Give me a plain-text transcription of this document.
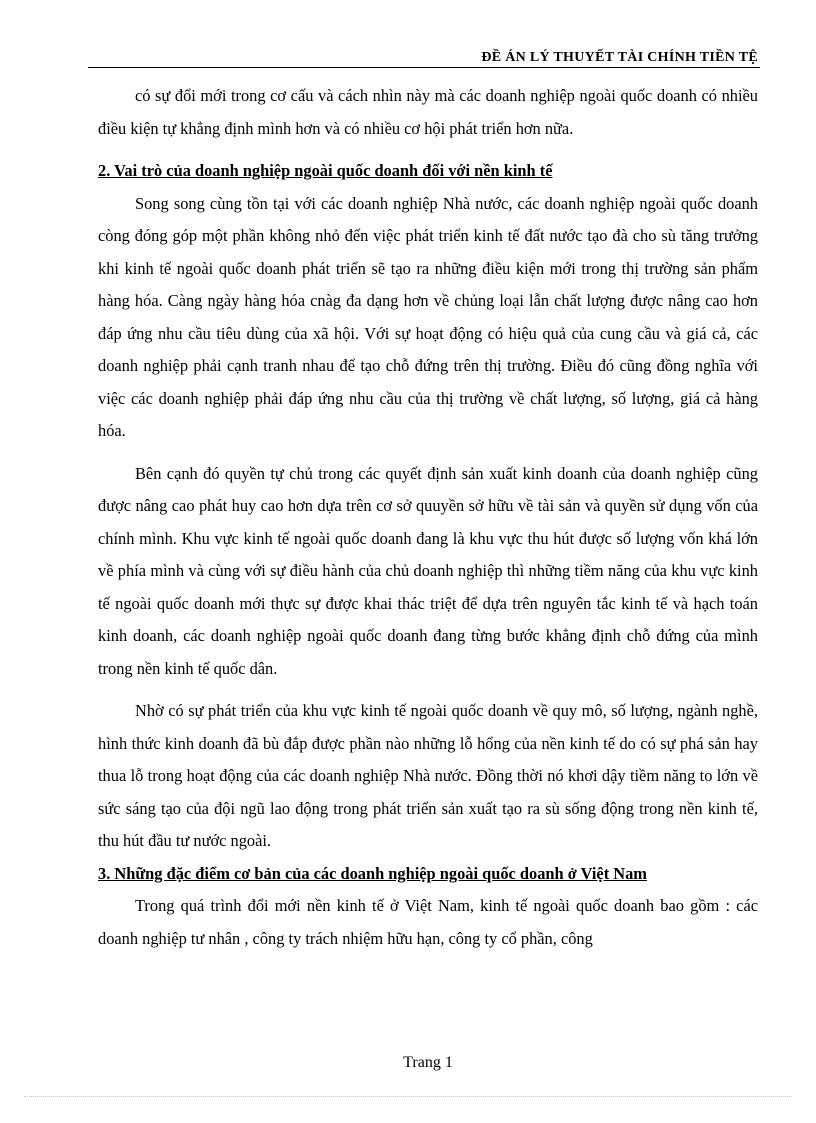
ĐỀ ÁN LÝ THUYẾT TÀI CHÍNH TIỀN TỆ

có sự đổi mới trong cơ cấu và cách nhìn này mà các doanh nghiệp ngoài quốc doanh có nhiều điều kiện tự khẳng định mình hơn và có nhiều cơ hội phát triển hơn nữa.

2. Vai trò của doanh nghiệp ngoài quốc doanh đối với nền kinh tế

Song song cùng tồn tại với các doanh nghiệp Nhà nước, các doanh nghiệp ngoài quốc doanh còng đóng góp một phần không nhỏ đến việc phát triển kinh tế đất nước tạo đà cho sù tăng trưởng khi kinh tế ngoài quốc doanh phát triển sẽ tạo ra những điều kiện mới trong thị trường sản phẩm hàng hóa. Càng ngày hàng hóa cnàg đa dạng hơn về chủng loại lẫn chất lượng được nâng cao hơn đáp ứng nhu cầu tiêu dùng của xã hội. Với sự hoạt động có hiệu quả của cung cầu và giá cả, các doanh nghiệp phải cạnh tranh nhau để tạo chỗ đứng trên thị trường. Điều đó cũng đồng nghĩa với việc các doanh nghiệp phải đáp ứng nhu cầu của thị trường về chất lượng, số lượng, giá cả hàng hóa.

Bên cạnh đó quyền tự chủ trong các quyết định sản xuất kinh doanh của doanh nghiệp cũng được nâng cao phát huy cao hơn dựa trên cơ sở quuyền sở hữu về tài sản và quyền sử dụng vốn của chính mình. Khu vực kinh tế ngoài quốc doanh đang là khu vực thu hút được số lượng vốn khá lớn về phía mình và cùng với sự điều hành của chủ doanh nghiệp thì những tiềm năng của khu vực kinh tế ngoài quốc doanh mới thực sự được khai thác triệt để dựa trên nguyên tắc kinh tế và hạch toán kinh doanh, các doanh nghiệp ngoài quốc doanh đang từng bước khẳng định chỗ đứng của mình trong nền kinh tế quốc dân.

Nhờ có sự phát triển của khu vực kinh tế ngoài quốc doanh về quy mô, số lượng, ngành nghề, hình thức kinh doanh đã bù đắp được phần nào những lỗ hổng của nền kinh tế do có sự phá sản hay thua lỗ trong hoạt động của các doanh nghiệp Nhà nước. Đồng thời nó khơi dậy tiềm năng to lớn về sức sáng tạo của đội ngũ lao động trong phát triển sản xuất tạo ra sù sống động trong nền kinh tế, thu hút đầu tư nước ngoài.

3. Những đặc điểm cơ bản của các doanh nghiệp ngoài quốc doanh ở Việt Nam

Trong quá trình đổi mới nền kinh tế ở Việt Nam, kinh tế ngoài quốc doanh bao gồm : các doanh nghiệp tư nhân , công ty trách nhiệm hữu hạn, công ty cổ phần, công

Trang 1
